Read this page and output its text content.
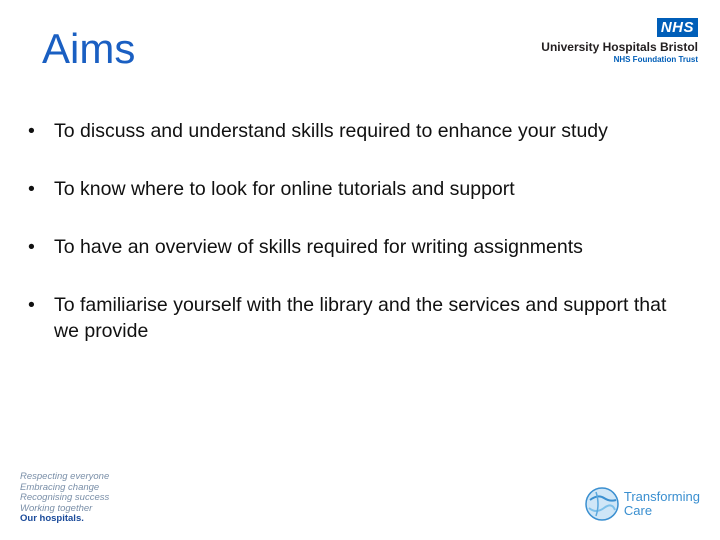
Aims	NHS
University Hospitals Bristol
NHS Foundation Trust
• To discuss and understand skills required to enhance your study
• To know where to look for online tutorials and support
• To have an overview of skills required for writing assignments
• To familiarise yourself with the library and the services and support that we provide
Respecting everyone
Embracing change
Recognising success
Working together
Our hospitals.
Transforming
Care
